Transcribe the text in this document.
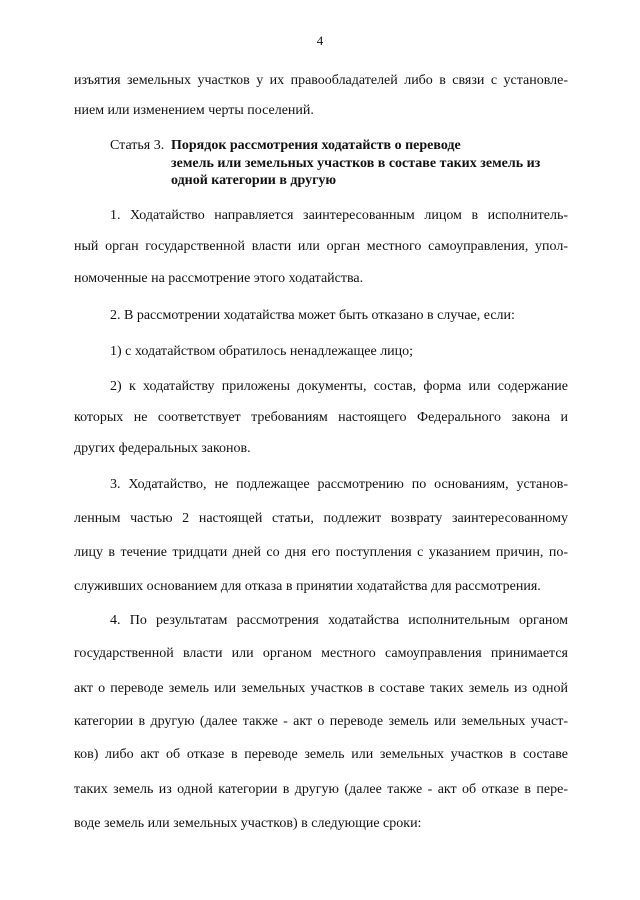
4
изъятия земельных участков у их правообладателей либо в связи с установле-
нием или изменением черты поселений.
Статья 3. Порядок рассмотрения ходатайств о переводе
земель или земельных участков в составе таких земель из
одной категории в другую
1. Ходатайство направляется заинтересованным лицом в исполнитель-
ный орган государственной власти или орган местного самоуправления, упол-
номоченные на рассмотрение этого ходатайства.
2. В рассмотрении ходатайства может быть отказано в случае, если:
1) с ходатайством обратилось ненадлежащее лицо;
2) к ходатайству приложены документы, состав, форма или содержание
которых не соответствует требованиям настоящего Федерального закона и
других федеральных законов.
3. Ходатайство, не подлежащее рассмотрению по основаниям, установ-
ленным частью 2 настоящей статьи, подлежит возврату заинтересованному
лицу в течение тридцати дней со дня его поступления с указанием причин, по-
служивших основанием для отказа в принятии ходатайства для рассмотрения.
4. По результатам рассмотрения ходатайства исполнительным органом
государственной власти или органом местного самоуправления принимается
акт о переводе земель или земельных участков в составе таких земель из одной
категории в другую (далее также - акт о переводе земель или земельных участ-
ков) либо акт об отказе в переводе земель или земельных участков в составе
таких земель из одной категории в другую (далее также - акт об отказе в пере-
воде земель или земельных участков) в следующие сроки:
